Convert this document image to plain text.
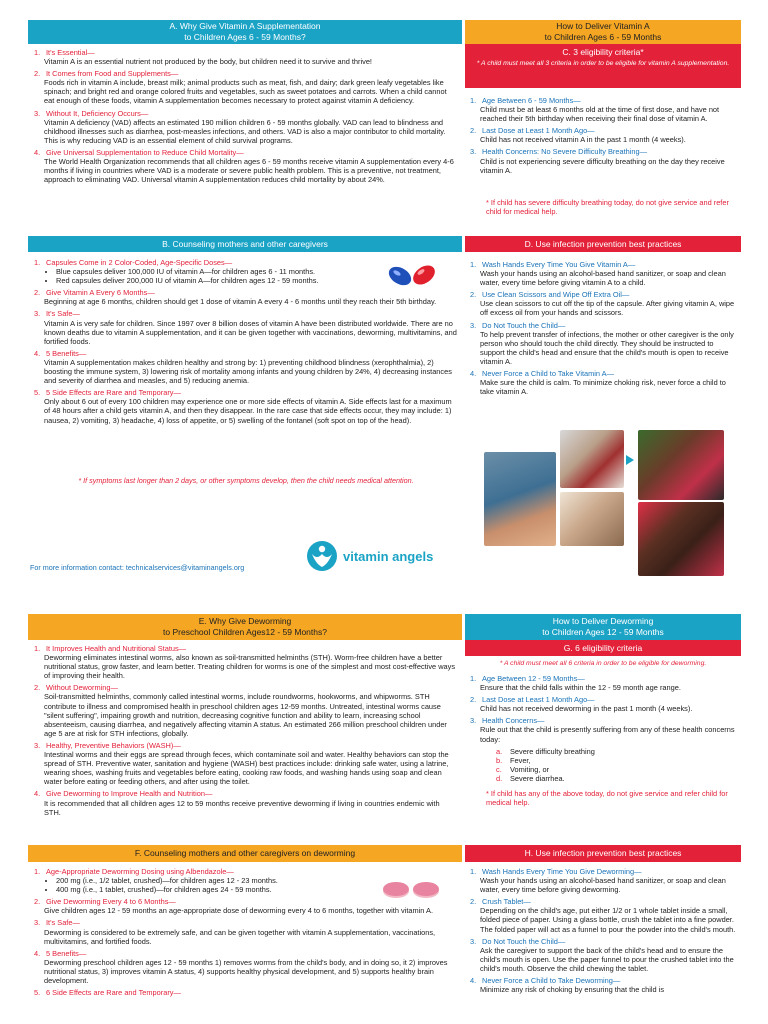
A. Why Give Vitamin A Supplementation
to Children Ages 6 - 59 Months?
How to Deliver Vitamin A
to Children Ages 6 - 59 Months
C. 3 eligibility criteria*
* A child must meet all 3 criteria in order to be eligible for vitamin A supplementation.
1. It's Essential—
Vitamin A is an essential nutrient not produced by the body, but children need it to survive and thrive!
2. It Comes from Food and Supplements—
Foods rich in vitamin A include, breast milk; animal products such as meat, fish, and dairy; dark green leafy vegetables like spinach; and bright red and orange colored fruits and vegetables, such as sweet potatoes and carrots. When a child cannot eat enough of these foods, vitamin A supplementation becomes necessary to protect against vitamin A deficiency.
3. Without It, Deficiency Occurs—
Vitamin A deficiency (VAD) affects an estimated 190 million children 6 - 59 months globally. VAD can lead to blindness and childhood illnesses such as diarrhea, post-measles infections, and others. VAD is also a major contributor to child mortality. This is why reducing VAD is an essential element of child survival programs.
4. Give Universal Supplementation to Reduce Child Mortality—
The World Health Organization recommends that all children ages 6 - 59 months receive vitamin A supplementation every 4-6 months if living in countries where VAD is a moderate or severe public health problem. This is a preventive, not treatment, approach to eliminating VAD. Universal vitamin A supplementation reduces child mortality by about 24%.
1. Age Between 6 - 59 Months—
Child must be at least 6 months old at the time of first dose, and have not reached their 5th birthday when receiving their final dose of vitamin A.
2. Last Dose at Least 1 Month Ago—
Child has not received vitamin A in the past 1 month (4 weeks).
3. Health Concerns: No Severe Difficulty Breathing—
Child is not experiencing severe difficulty breathing on the day they receive vitamin A.
* If child has severe difficulty breathing today, do not give service and refer child for medical help.
B. Counseling mothers and other caregivers	D. Use infection prevention best practices
1. Capsules Come in 2 Color-Coded, Age-Specific Doses—
• Blue capsules deliver 100,000 IU of vitamin A—for children ages 6 - 11 months.
• Red capsules deliver 200,000 IU of vitamin A—for children ages 12 - 59 months.
2. Give Vitamin A Every 6 Months—
Beginning at age 6 months, children should get 1 dose of vitamin A every 4 - 6 months until they reach their 5th birthday.
3. It's Safe—
Vitamin A is very safe for children. Since 1997 over 8 billion doses of vitamin A have been distributed worldwide. There are no known deaths due to vitamin A supplementation, and it can be given together with vaccinations, deworming, multivitamins, and fortified foods.
4. 5 Benefits—
Vitamin A supplementation makes children healthy and strong by: 1) preventing childhood blindness (xerophthalmia), 2) boosting the immune system, 3) lowering risk of mortality among infants and young children by 24%, 4) decreasing instances and severity of diarrhea and measles, and 5) reducing anemia.
5. 5 Side Effects are Rare and Temporary—
Only about 6 out of every 100 children may experience one or more side effects of vitamin A. Side effects last for a maximum of 48 hours after a child gets vitamin A, and then they disappear. In the rare case that side effects occur, they may include: 1) nausea, 2) vomiting, 3) headache, 4) loss of appetite, or 5) swelling of the fontanel (soft spot on top of the head).
* If symptoms last longer than 2 days, or other symptoms develop, then the child needs medical attention.
1. Wash Hands Every Time You Give Vitamin A—
Wash your hands using an alcohol-based hand sanitizer, or soap and clean water, every time before giving vitamin A to a child.
2. Use Clean Scissors and Wipe Off Extra Oil—
Use clean scissors to cut off the tip of the capsule. After giving vitamin A, wipe off excess oil from your hands and scissors.
3. Do Not Touch the Child—
To help prevent transfer of infections, the mother or other caregiver is the only person who should touch the child directly. They should be instructed to support the child's head and ensure that the child's mouth is open to receive vitamin A.
4. Never Force a Child to Take Vitamin A—
Make sure the child is calm. To minimize choking risk, never force a child to take vitamin A.
vitamin angels
For more information contact: technicalservices@vitaminangels.org
E. Why Give Deworming
to Preschool Children Ages12 - 59 Months?
How to Deliver Deworming
to Children Ages 12 - 59 Months
G. 6 eligibility criteria
* A child must meet all 6 criteria in order to be eligible for deworming.
1. It Improves Health and Nutritional Status—
Deworming eliminates intestinal worms, also known as soil-transmitted helminths (STH). Worm-free children have a better nutritional status, grow faster, and learn better. Treating children for worms is one of the simplest and most cost-effective ways of improving their health.
2. Without Deworming—
Soil-transmitted helminths, commonly called intestinal worms, include roundworms, hookworms, and whipworms. STH contribute to illness and compromised health in preschool children ages 12-59 months. Untreated, intestinal worms cause "silent suffering", impairing growth and nutrition, decreasing cognitive function and ability to learn, increasing school absenteeism, causing diarrhea, and negatively affecting vitamin A status. An estimated 266 million preschool children under age 5 are at risk for STH infections, globally.
3. Healthy, Preventive Behaviors (WASH)—
Intestinal worms and their eggs are spread through feces, which contaminate soil and water. Healthy behaviors can stop the spread of STH. Preventive water, sanitation and hygiene (WASH) best practices include: drinking safe water, using a latrine, wearing shoes, washing fruits and vegetables before eating, cooking raw foods, and washing hands using soap and clean water before eating or feeding others, and after using the toilet.
4. Give Deworming to Improve Health and Nutrition—
It is recommended that all children ages 12 to 59 months receive preventive deworming if living in countries endemic with STH.
1. Age Between 12 - 59 Months—
Ensure that the child falls within the 12 - 59 month age range.
2. Last Dose at Least 1 Month Ago—
Child has not received deworming in the past 1 month (4 weeks).
3. Health Concerns—
Rule out that the child is presently suffering from any of these health concerns today:
a. Severe difficulty breathing
b. Fever,
c. Vomiting, or
d. Severe diarrhea.
* If child has any of the above today, do not give service and refer child for medical help.
F. Counseling mothers and other caregivers on deworming	H. Use infection prevention best practices
1. Age-Appropriate Deworming Dosing using Albendazole—
• 200 mg (i.e., 1/2 tablet, crushed)—for children ages 12 - 23 months.
• 400 mg (i.e., 1 tablet, crushed)—for children ages 24 - 59 months.
2. Give Deworming Every 4 to 6 Months—
Give children ages 12 - 59 months an age-appropriate dose of deworming every 4 to 6 months, together with vitamin A.
3. It's Safe—
Deworming is considered to be extremely safe, and can be given together with vitamin A supplementation, vaccinations, multivitamins, and fortified foods.
4. 5 Benefits—
Deworming preschool children ages 12 - 59 months 1) removes worms from the child's body, and in doing so, it 2) improves nutritional status, 3) improves vitamin A status, 4) supports healthy physical development, and 5) supports healthy brain development.
5. 6 Side Effects are Rare and Temporary—
1. Wash Hands Every Time You Give Deworming—
Wash your hands using an alcohol-based hand sanitizer, or soap and clean water, every time before giving deworming.
2. Crush Tablet—
Depending on the child's age, put either 1/2 or 1 whole tablet inside a small, folded piece of paper. Using a glass bottle, crush the tablet into a fine powder. The folded paper will act as a funnel to pour the powder into the child's mouth.
3. Do Not Touch the Child—
Ask the caregiver to support the back of the child's head and to ensure the child's mouth is open. Use the paper funnel to pour the crushed tablet into the child's mouth. Observe the child chewing the tablet.
4. Never Force a Child to Take Deworming—
Minimize any risk of choking by ensuring that the child is
